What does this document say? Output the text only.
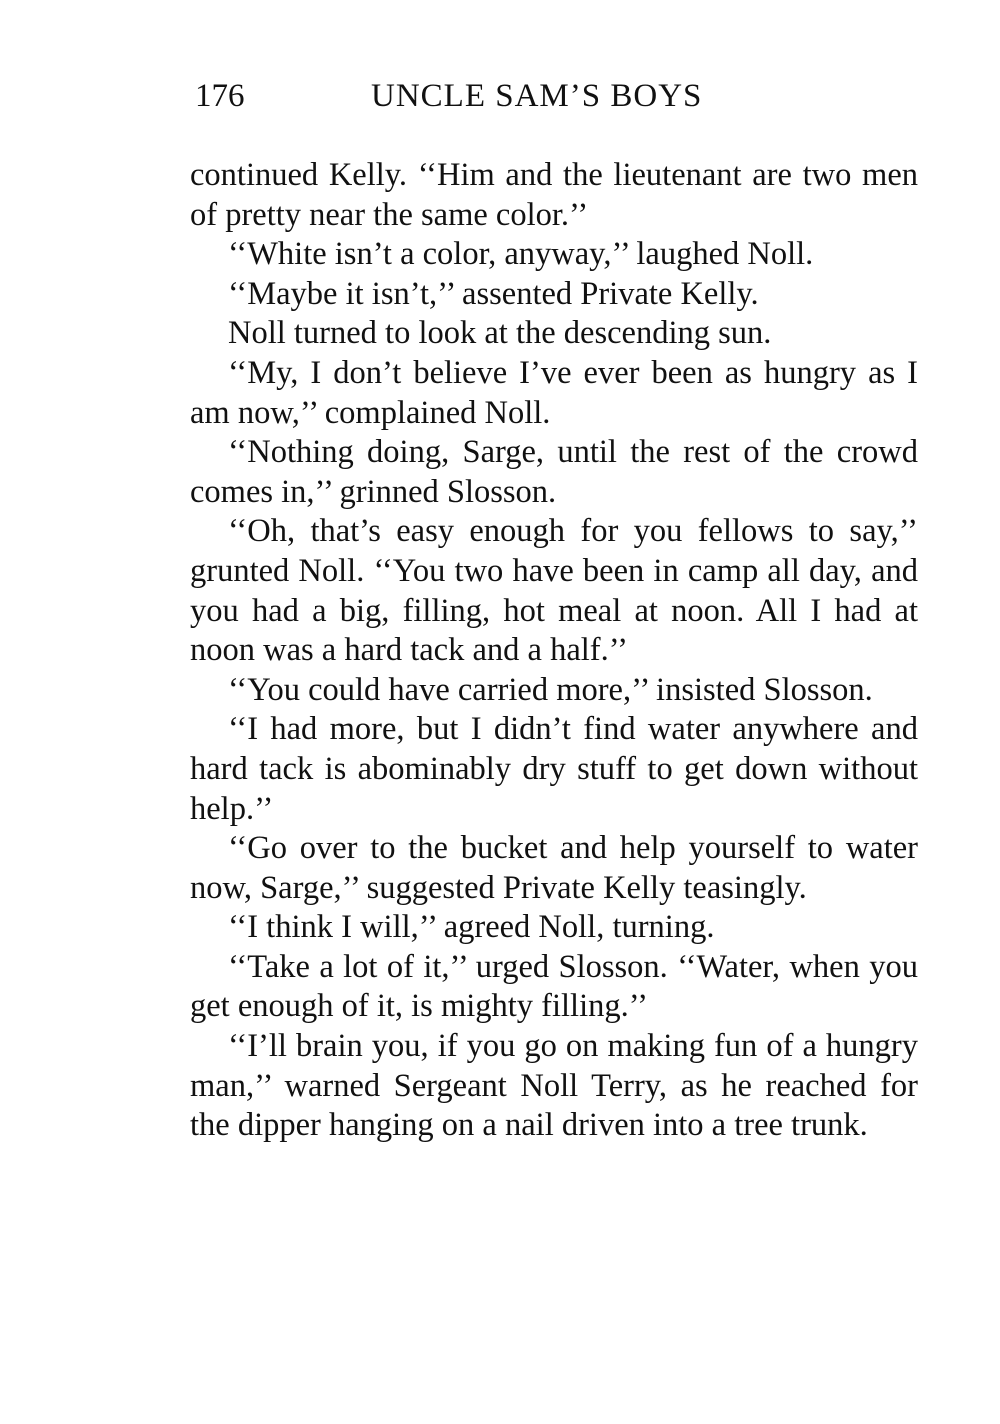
176	UNCLE SAM’S BOYS

continued Kelly. ‘‘Him and the lieutenant are two men of pretty near the same color.’’

‘‘White isn’t a color, anyway,’’ laughed Noll.

‘‘Maybe it isn’t,’’ assented Private Kelly.

Noll turned to look at the descending sun.

‘‘My, I don’t believe I’ve ever been as hungry as I am now,’’ complained Noll.

‘‘Nothing doing, Sarge, until the rest of the crowd comes in,’’ grinned Slosson.

‘‘Oh, that’s easy enough for you fellows to say,’’ grunted Noll. ‘‘You two have been in camp all day, and you had a big, filling, hot meal at noon. All I had at noon was a hard tack and a half.’’

‘‘You could have carried more,’’ insisted Slosson.

‘‘I had more, but I didn’t find water anywhere and hard tack is abominably dry stuff to get down without help.’’

‘‘Go over to the bucket and help yourself to water now, Sarge,’’ suggested Private Kelly teasingly.

‘‘I think I will,’’ agreed Noll, turning.

‘‘Take a lot of it,’’ urged Slosson. ‘‘Water, when you get enough of it, is mighty filling.’’

‘‘I’ll brain you, if you go on making fun of a hungry man,’’ warned Sergeant Noll Terry, as he reached for the dipper hanging on a nail driven into a tree trunk.
